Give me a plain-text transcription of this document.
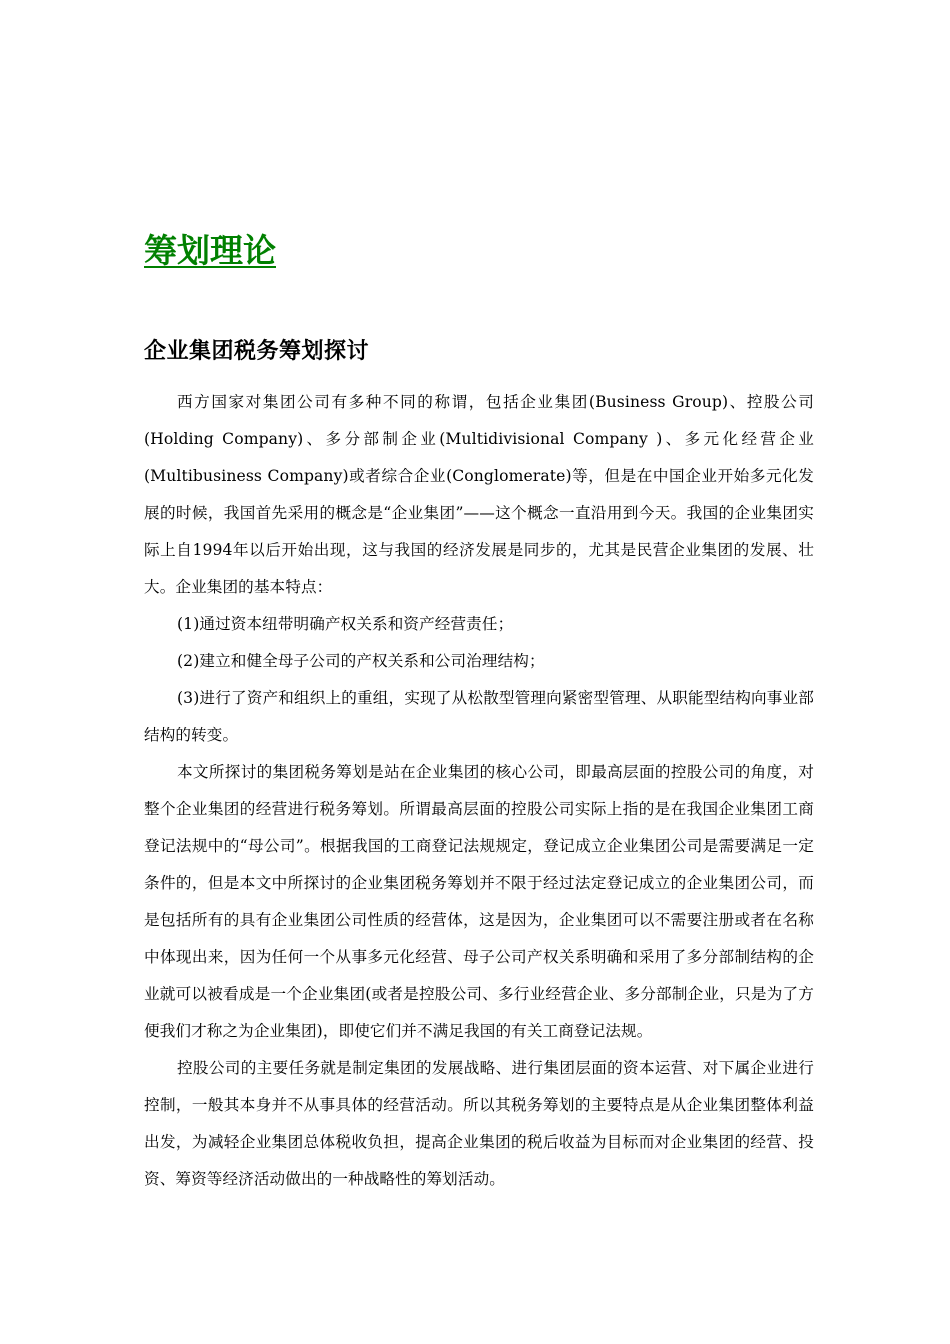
筹划理论
企业集团税务筹划探讨

西方国家对集团公司有多种不同的称谓，包括企业集团(Business Group)、控股公司(Holding Company)、多分部制企业(Multidivisional Company )、多元化经营企业(Multibusiness Company)或者综合企业(Conglomerate)等，但是在中国企业开始多元化发展的时候，我国首先采用的概念是“企业集团”——这个概念一直沿用到今天。我国的企业集团实际上自1994年以后开始出现，这与我国的经济发展是同步的，尤其是民营企业集团的发展、壮大。企业集团的基本特点：

(1)通过资本纽带明确产权关系和资产经营责任；

(2)建立和健全母子公司的产权关系和公司治理结构；

(3)进行了资产和组织上的重组，实现了从松散型管理向紧密型管理、从职能型结构向事业部结构的转变。

本文所探讨的集团税务筹划是站在企业集团的核心公司，即最高层面的控股公司的角度，对整个企业集团的经营进行税务筹划。所谓最高层面的控股公司实际上指的是在我国企业集团工商登记法规中的“母公司”。根据我国的工商登记法规规定，登记成立企业集团公司是需要满足一定条件的，但是本文中所探讨的企业集团税务筹划并不限于经过法定登记成立的企业集团公司，而是包括所有的具有企业集团公司性质的经营体，这是因为，企业集团可以不需要注册或者在名称中体现出来，因为任何一个从事多元化经营、母子公司产权关系明确和采用了多分部制结构的企业就可以被看成是一个企业集团(或者是控股公司、多行业经营企业、多分部制企业，只是为了方便我们才称之为企业集团)，即使它们并不满足我国的有关工商登记法规。

控股公司的主要任务就是制定集团的发展战略、进行集团层面的资本运营、对下属企业进行控制，一般其本身并不从事具体的经营活动。所以其税务筹划的主要特点是从企业集团整体利益出发，为减轻企业集团总体税收负担，提高企业集团的税后收益为目标而对企业集团的经营、投资、筹资等经济活动做出的一种战略性的筹划活动。
